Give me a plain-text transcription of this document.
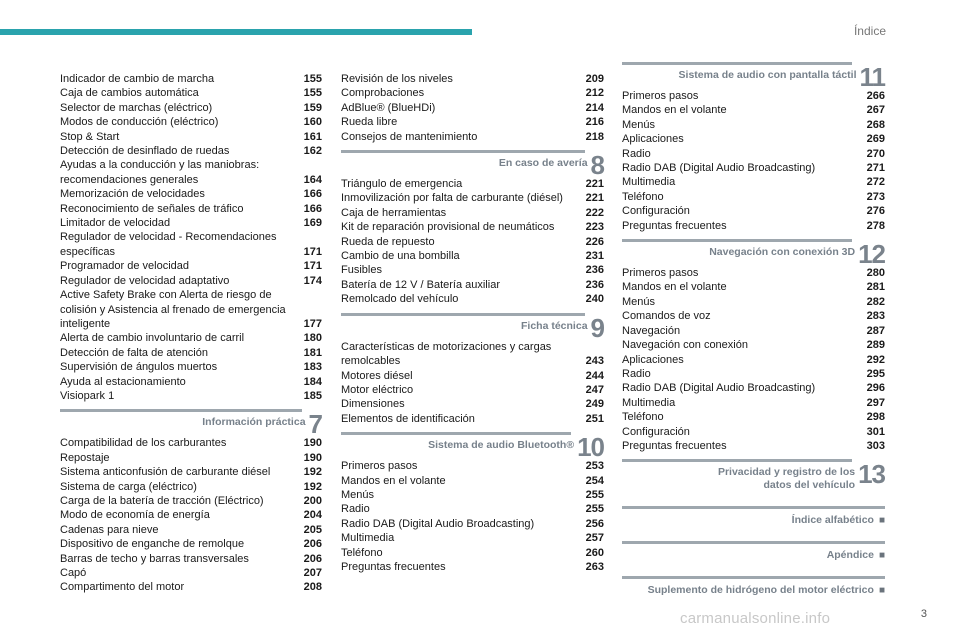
Índice
Indicador de cambio de marcha	155
Caja de cambios automática	155
Selector de marchas (eléctrico)	159
Modos de conducción (eléctrico)	160
Stop & Start	161
Detección de desinflado de ruedas	162
Ayudas a la conducción y las maniobras: recomendaciones generales	164
Memorización de velocidades	166
Reconocimiento de señales de tráfico	166
Limitador de velocidad	169
Regulador de velocidad - Recomendaciones específicas	171
Programador de velocidad	171
Regulador de velocidad adaptativo	174
Active Safety Brake con Alerta de riesgo de colisión y Asistencia al frenado de emergencia inteligente	177
Alerta de cambio involuntario de carril	180
Detección de falta de atención	181
Supervisión de ángulos muertos	183
Ayuda al estacionamiento	184
Visiopark 1	185
Información práctica 7
Compatibilidad de los carburantes	190
Repostaje	190
Sistema anticonfusión de carburante diésel	192
Sistema de carga (eléctrico)	192
Carga de la batería de tracción (Eléctrico)	200
Modo de economía de energía	204
Cadenas para nieve	205
Dispositivo de enganche de remolque	206
Barras de techo y barras transversales	206
Capó	207
Compartimento del motor	208
Revisión de los niveles	209
Comprobaciones	212
AdBlue® (BlueHDi)	214
Rueda libre	216
Consejos de mantenimiento	218
En caso de avería 8
Triángulo de emergencia	221
Inmovilización por falta de carburante (diésel)	221
Caja de herramientas	222
Kit de reparación provisional de neumáticos	223
Rueda de repuesto	226
Cambio de una bombilla	231
Fusibles	236
Batería de 12 V / Batería auxiliar	236
Remolcado del vehículo	240
Ficha técnica 9
Características de motorizaciones y cargas remolcables	243
Motores diésel	244
Motor eléctrico	247
Dimensiones	249
Elementos de identificación	251
Sistema de audio Bluetooth® 10
Primeros pasos	253
Mandos en el volante	254
Menús	255
Radio	255
Radio DAB (Digital Audio Broadcasting)	256
Multimedia	257
Teléfono	260
Preguntas frecuentes	263
Sistema de audio con pantalla táctil 11
Primeros pasos	266
Mandos en el volante	267
Menús	268
Aplicaciones	269
Radio	270
Radio DAB (Digital Audio Broadcasting)	271
Multimedia	272
Teléfono	273
Configuración	276
Preguntas frecuentes	278
Navegación con conexión 3D 12
Primeros pasos	280
Mandos en el volante	281
Menús	282
Comandos de voz	283
Navegación	287
Navegación con conexión	289
Aplicaciones	292
Radio	295
Radio DAB (Digital Audio Broadcasting)	296
Multimedia	297
Teléfono	298
Configuración	301
Preguntas frecuentes	303
Privacidad y registro de los datos del vehículo 13
Índice alfabético ■
Apéndice ■
Suplemento de hidrógeno del motor eléctrico ■
carmanualsonline.info	3
